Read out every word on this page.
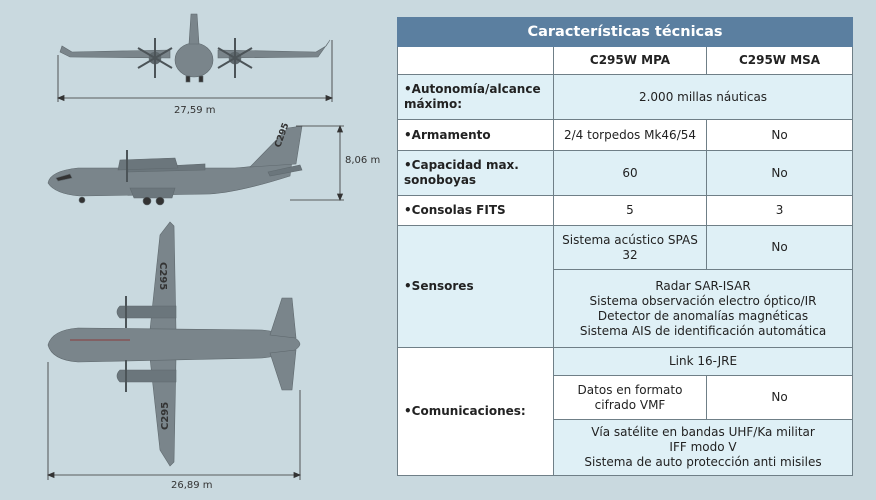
C295
C295
C295
27,59 m
8,06 m
26,89 m
Características técnicas		
	C295W MPA	C295W MSA
•Autonomía/alcance máximo:	2.000 millas náuticas	
•Armamento	2/4 torpedos Mk46/54	No
•Capacidad max. sonoboyas	60	No
•Consolas FITS	5	3
•Sensores	Sistema acústico SPAS 32	No

	Radar SAR-ISAR
Sistema observación electro óptico/IR
Detector de anomalías magnéticas
Sistema AIS de identificación automática	

•Comunicaciones:	Link 16-JRE	
	Datos en formato cifrado VMF	No

	Vía satélite en bandas UHF/Ka militar
IFF modo V
Sistema de auto protección anti misiles	
